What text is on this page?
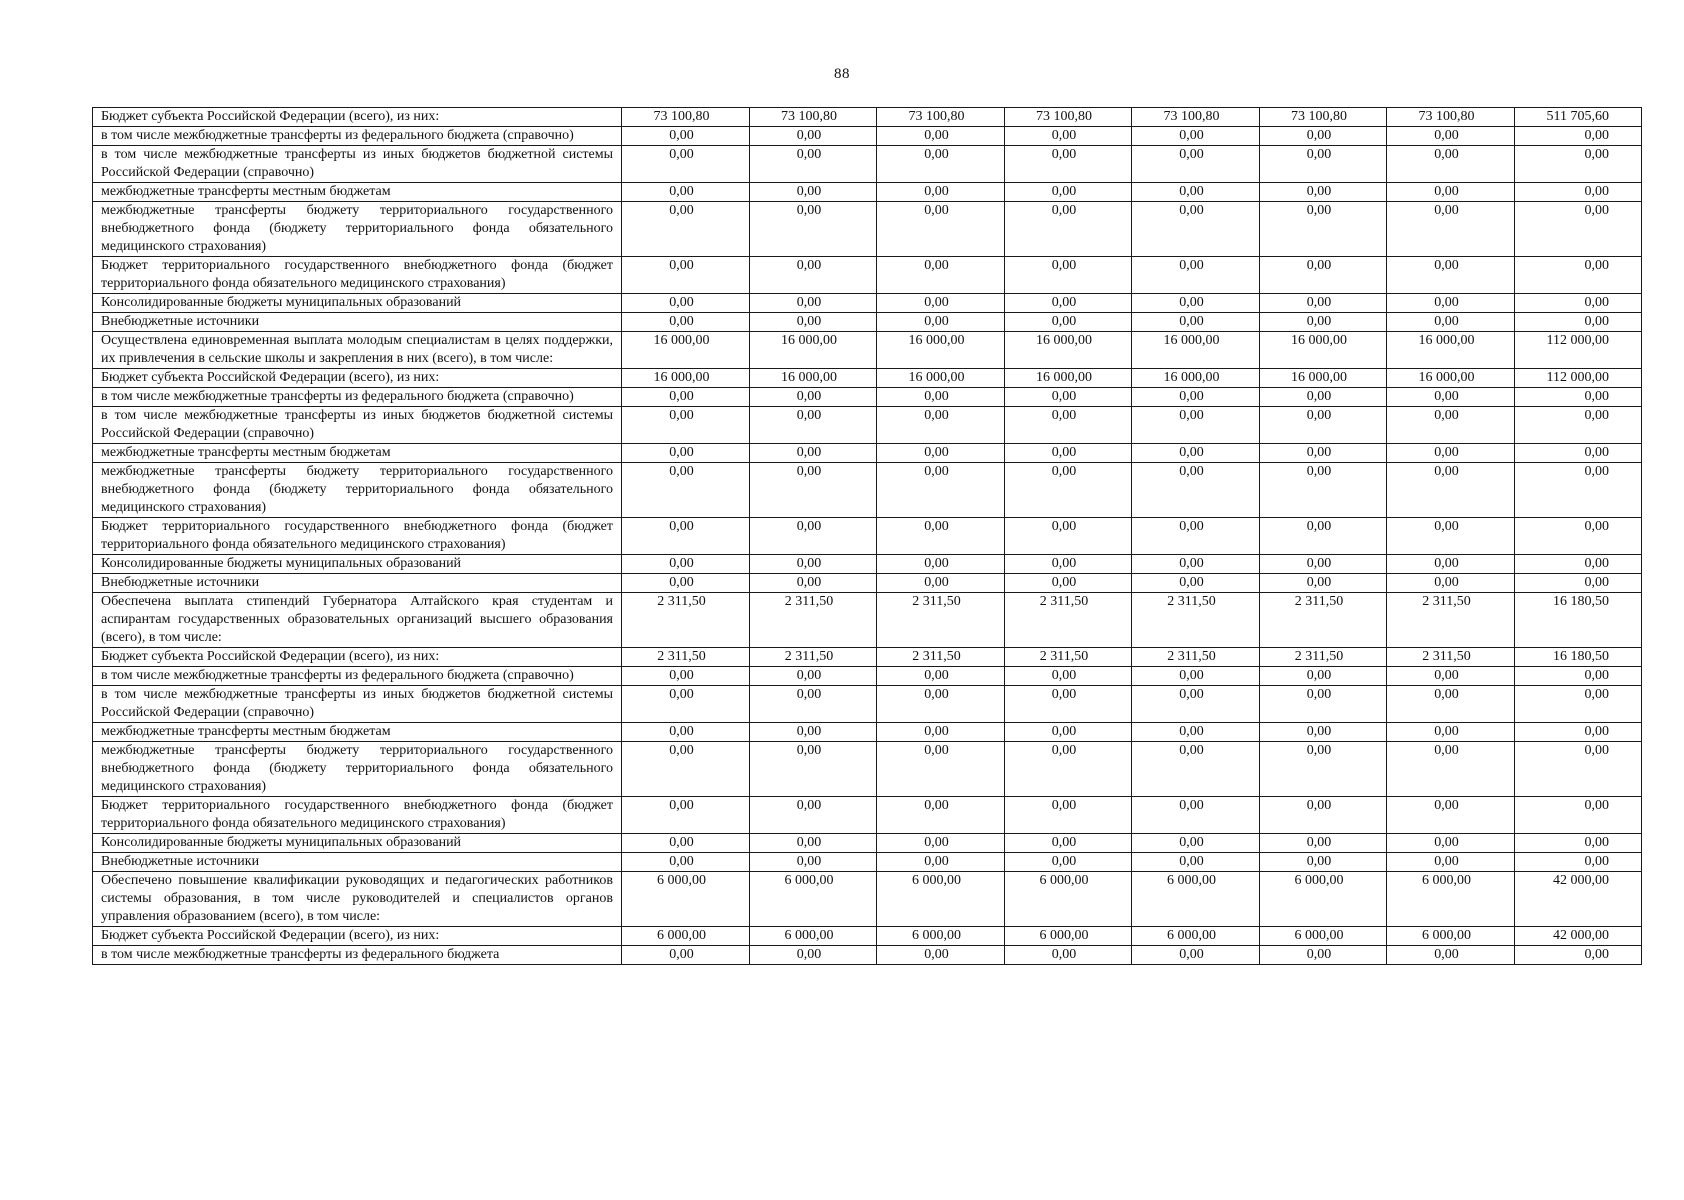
88
Бюджет субъекта Российской Федерации (всего), из них:	73 100,80	73 100,80	73 100,80	73 100,80	73 100,80	73 100,80	73 100,80	511 705,60
в том числе межбюджетные трансферты из федерального бюджета (справочно)	0,00	0,00	0,00	0,00	0,00	0,00	0,00	0,00
в том числе межбюджетные трансферты из иных бюджетов бюджетной системы Российской Федерации (справочно)	0,00	0,00	0,00	0,00	0,00	0,00	0,00	0,00
межбюджетные трансферты местным бюджетам	0,00	0,00	0,00	0,00	0,00	0,00	0,00	0,00
межбюджетные трансферты бюджету территориального государственного внебюджетного фонда (бюджету территориального фонда обязательного медицинского страхования)	0,00	0,00	0,00	0,00	0,00	0,00	0,00	0,00
Бюджет территориального государственного внебюджетного фонда (бюджет территориального фонда обязательного медицинского страхования)	0,00	0,00	0,00	0,00	0,00	0,00	0,00	0,00
Консолидированные бюджеты муниципальных образований	0,00	0,00	0,00	0,00	0,00	0,00	0,00	0,00
Внебюджетные источники	0,00	0,00	0,00	0,00	0,00	0,00	0,00	0,00
Осуществлена единовременная выплата молодым специалистам в целях поддержки, их привлечения в сельские школы и закрепления в них (всего), в том числе:	16 000,00	16 000,00	16 000,00	16 000,00	16 000,00	16 000,00	16 000,00	112 000,00
Бюджет субъекта Российской Федерации (всего), из них:	16 000,00	16 000,00	16 000,00	16 000,00	16 000,00	16 000,00	16 000,00	112 000,00
в том числе межбюджетные трансферты из федерального бюджета (справочно)	0,00	0,00	0,00	0,00	0,00	0,00	0,00	0,00
в том числе межбюджетные трансферты из иных бюджетов бюджетной системы Российской Федерации (справочно)	0,00	0,00	0,00	0,00	0,00	0,00	0,00	0,00
межбюджетные трансферты местным бюджетам	0,00	0,00	0,00	0,00	0,00	0,00	0,00	0,00
межбюджетные трансферты бюджету территориального государственного внебюджетного фонда (бюджету территориального фонда обязательного медицинского страхования)	0,00	0,00	0,00	0,00	0,00	0,00	0,00	0,00
Бюджет территориального государственного внебюджетного фонда (бюджет территориального фонда обязательного медицинского страхования)	0,00	0,00	0,00	0,00	0,00	0,00	0,00	0,00
Консолидированные бюджеты муниципальных образований	0,00	0,00	0,00	0,00	0,00	0,00	0,00	0,00
Внебюджетные источники	0,00	0,00	0,00	0,00	0,00	0,00	0,00	0,00
Обеспечена выплата стипендий Губернатора Алтайского края студентам и аспирантам государственных образовательных организаций высшего образования (всего), в том числе:	2 311,50	2 311,50	2 311,50	2 311,50	2 311,50	2 311,50	2 311,50	16 180,50
Бюджет субъекта Российской Федерации (всего), из них:	2 311,50	2 311,50	2 311,50	2 311,50	2 311,50	2 311,50	2 311,50	16 180,50
в том числе межбюджетные трансферты из федерального бюджета (справочно)	0,00	0,00	0,00	0,00	0,00	0,00	0,00	0,00
в том числе межбюджетные трансферты из иных бюджетов бюджетной системы Российской Федерации (справочно)	0,00	0,00	0,00	0,00	0,00	0,00	0,00	0,00
межбюджетные трансферты местным бюджетам	0,00	0,00	0,00	0,00	0,00	0,00	0,00	0,00
межбюджетные трансферты бюджету территориального государственного внебюджетного фонда (бюджету территориального фонда обязательного медицинского страхования)	0,00	0,00	0,00	0,00	0,00	0,00	0,00	0,00
Бюджет территориального государственного внебюджетного фонда (бюджет территориального фонда обязательного медицинского страхования)	0,00	0,00	0,00	0,00	0,00	0,00	0,00	0,00
Консолидированные бюджеты муниципальных образований	0,00	0,00	0,00	0,00	0,00	0,00	0,00	0,00
Внебюджетные источники	0,00	0,00	0,00	0,00	0,00	0,00	0,00	0,00
Обеспечено повышение квалификации руководящих и педагогических работников системы образования, в том числе руководителей и специалистов органов управления образованием (всего), в том числе:	6 000,00	6 000,00	6 000,00	6 000,00	6 000,00	6 000,00	6 000,00	42 000,00
Бюджет субъекта Российской Федерации (всего), из них:	6 000,00	6 000,00	6 000,00	6 000,00	6 000,00	6 000,00	6 000,00	42 000,00
в том числе межбюджетные трансферты из федерального бюджета	0,00	0,00	0,00	0,00	0,00	0,00	0,00	0,00
